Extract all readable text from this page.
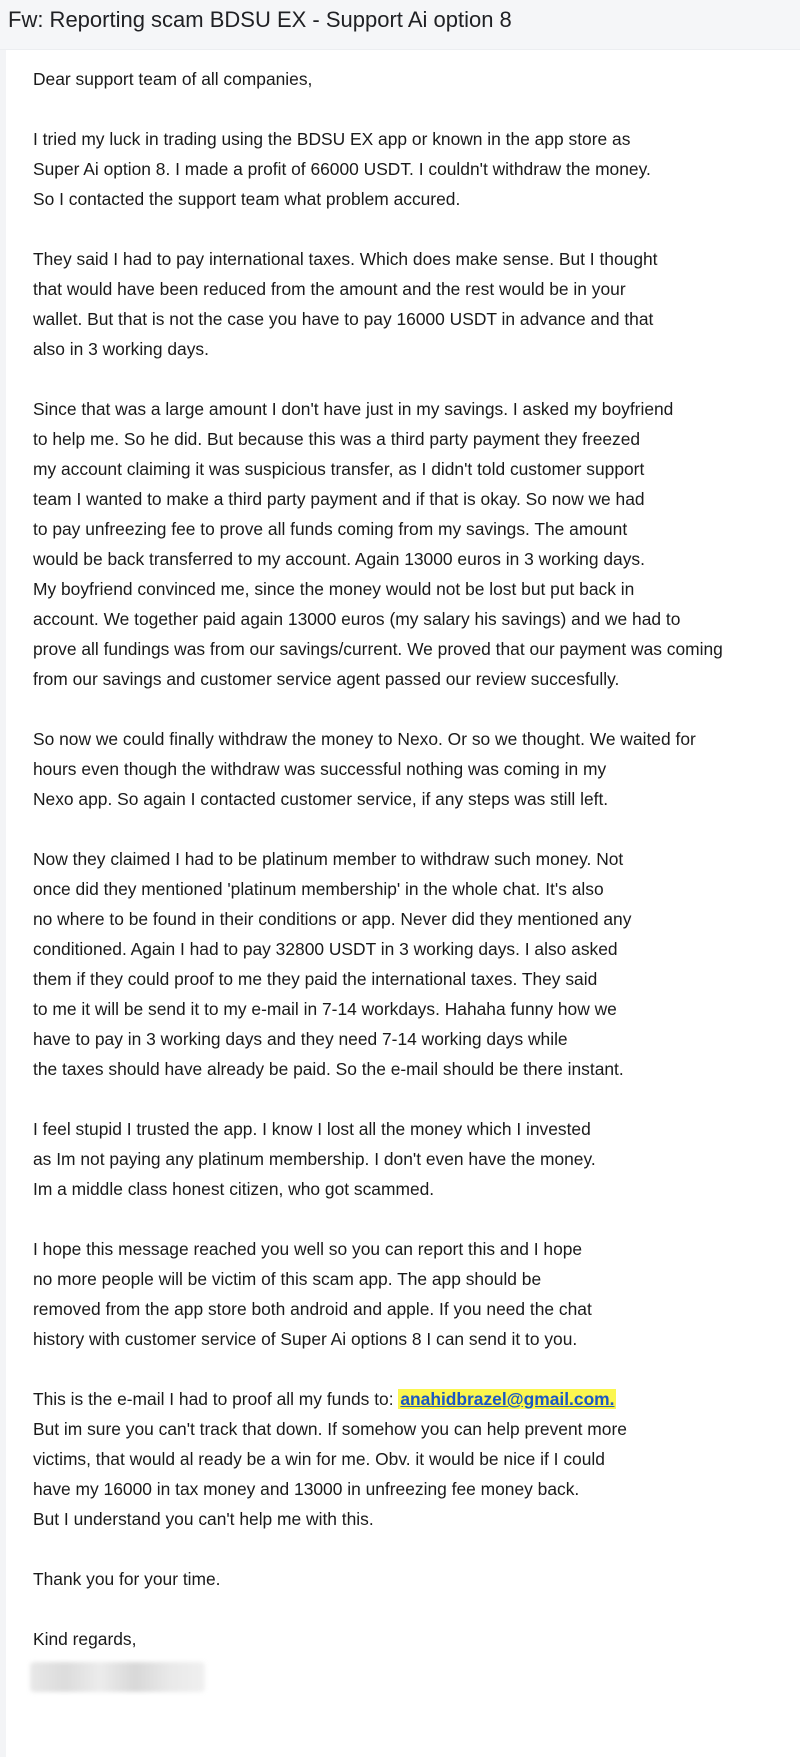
Fw: Reporting scam BDSU EX - Support Ai option 8

Dear support team of all companies,

I tried my luck in trading using the BDSU EX app or known in the app store as
Super Ai option 8. I made a profit of 66000 USDT. I couldn't withdraw the money.
So I contacted the support team what problem accured.

They said I had to pay international taxes. Which does make sense. But I thought
that would have been reduced from the amount and the rest would be in your
wallet. But that is not the case you have to pay 16000 USDT in advance and that
also in 3 working days.

Since that was a large amount I don't have just in my savings. I asked my boyfriend
to help me. So he did. But because this was a third party payment they freezed
my account claiming it was suspicious transfer, as I didn't told customer support
team I wanted to make a third party payment and if that is okay. So now we had
to pay unfreezing fee to prove all funds coming from my savings. The amount
would be back transferred to my account. Again 13000 euros in 3 working days.
My boyfriend convinced me, since the money would not be lost but put back in
account. We together paid again 13000 euros (my salary his savings) and we had to
prove all fundings was from our savings/current. We proved that our payment was coming
from our savings and customer service agent passed our review succesfully.

So now we could finally withdraw the money to Nexo. Or so we thought. We waited for
hours even though the withdraw was successful nothing was coming in my
Nexo app. So again I contacted customer service, if any steps was still left.

Now they claimed I had to be platinum member to withdraw such money. Not
once did they mentioned 'platinum membership' in the whole chat. It's also
no where to be found in their conditions or app. Never did they mentioned any
conditioned. Again I had to pay 32800 USDT in 3 working days. I also asked
them if they could proof to me they paid the international taxes. They said
to me it will be send it to my e-mail in 7-14 workdays. Hahaha funny how we
have to pay in 3 working days and they need 7-14 working days while
the taxes should have already be paid. So the e-mail should be there instant.

I feel stupid I trusted the app. I know I lost all the money which I invested
as Im not paying any platinum membership. I don't even have the money.
Im a middle class honest citizen, who got scammed.

I hope this message reached you well so you can report this and I hope
no more people will be victim of this scam app. The app should be
removed from the app store both android and apple. If you need the chat
history with customer service of Super Ai options 8 I can send it to you.

This is the e-mail I had to proof all my funds to: anahidbrazel@gmail.com.
But im sure you can't track that down. If somehow you can help prevent more
victims, that would al ready be a win for me. Obv. it would be nice if I could
have my 16000 in tax money and 13000 in unfreezing fee money back.
But I understand you can't help me with this.

Thank you for your time.

Kind regards,
